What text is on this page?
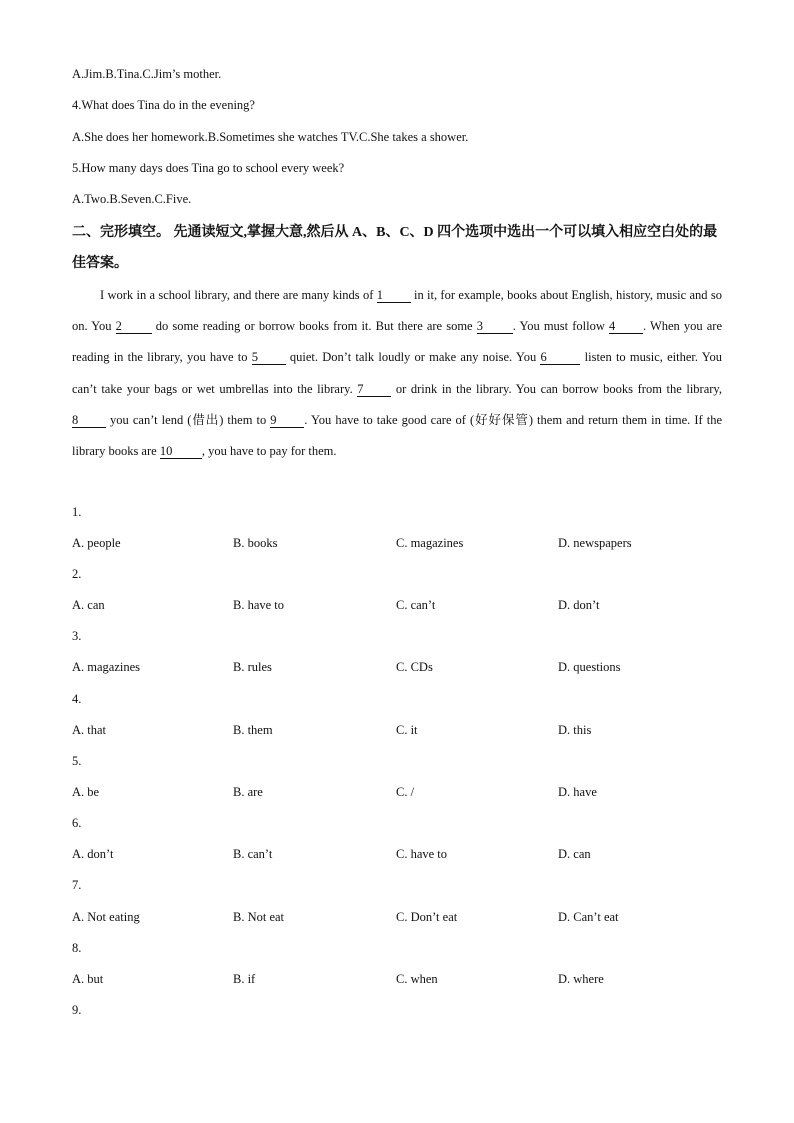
A.Jim.B.Tina.C.Jim’s mother.
4.What does Tina do in the evening?
A.She does her homework.B.Sometimes she watches TV.C.She takes a shower.
5.How many days does Tina go to school every week?
A.Two.B.Seven.C.Five.
二、完形填空。 先通读短文,掌握大意,然后从 A、B、C、D 四个选项中选出一个可以填入相应空白处的最佳答案。
I work in a school library, and there are many kinds of 1 in it, for example, books about English, history, music and so on. You 2 do some reading or borrow books from it. But there are some 3 . You must follow 4 . When you are reading in the library, you have to 5 quiet. Don’t talk loudly or make any noise. You 6	listen to music, either. You can’t take your bags or wet umbrellas into the library. 7 or drink in the library. You can borrow books from the library, 8 you can’t lend (借出) them to 9 . You have to take good care of (好好保管) them and return them in time. If the library books are 10 , you have to pay for them.
1.
A. people	B. books	C. magazines	D. newspapers
2.
A. can	B. have to	C. can’t	D. don’t
3.
A. magazines	B. rules	C. CDs	D. questions
4.
A. that	B. them	C. it	D. this
5.
A. be	B. are	C. /	D. have
6.
A. don’t	B. can’t	C. have to	D. can
7.
A. Not eating	B. Not eat	C. Don’t eat	D. Can’t eat
8.
A. but	B. if	C. when	D. where
9.
